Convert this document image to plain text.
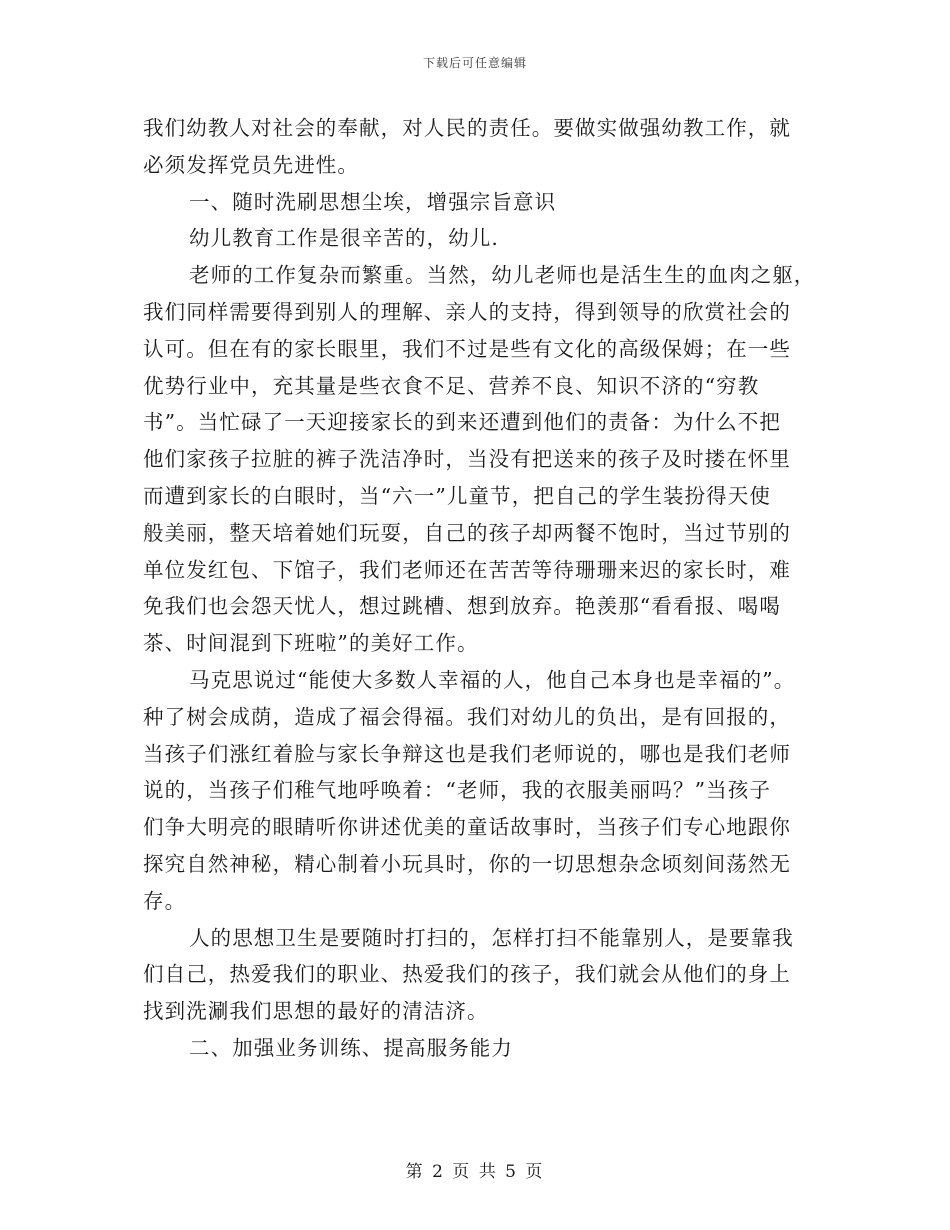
下载后可任意编辑
我们幼教人对社会的奉献，对人民的责任。要做实做强幼教工作，就
必须发挥党员先进性。
一、随时洗刷思想尘埃，增强宗旨意识
幼儿教育工作是很辛苦的，幼儿.
老师的工作复杂而繁重。当然，幼儿老师也是活生生的血肉之躯，
我们同样需要得到别人的理解、亲人的支持，得到领导的欣赏社会的
认可。但在有的家长眼里，我们不过是些有文化的高级保姆；在一些
优势行业中，充其量是些衣食不足、营养不良、知识不济的“穷教
书”。当忙碌了一天迎接家长的到来还遭到他们的责备：为什么不把
他们家孩子拉脏的裤子洗洁净时，当没有把送来的孩子及时搂在怀里
而遭到家长的白眼时，当“六一”儿童节，把自己的学生装扮得天使
般美丽，整天培着她们玩耍，自己的孩子却两餐不饱时，当过节别的
单位发红包、下馆子，我们老师还在苦苦等待珊珊来迟的家长时，难
免我们也会怨天忧人，想过跳槽、想到放弃。艳羡那“看看报、喝喝
茶、时间混到下班啦”的美好工作。
马克思说过“能使大多数人幸福的人，他自己本身也是幸福的”。
种了树会成荫，造成了福会得福。我们对幼儿的负出，是有回报的，
当孩子们涨红着脸与家长争辩这也是我们老师说的，哪也是我们老师
说的，当孩子们稚气地呼唤着：“老师，我的衣服美丽吗？”当孩子
们争大明亮的眼睛听你讲述优美的童话故事时，当孩子们专心地跟你
探究自然神秘，精心制着小玩具时，你的一切思想杂念顷刻间荡然无
存。
人的思想卫生是要随时打扫的，怎样打扫不能靠别人，是要靠我
们自己，热爱我们的职业、热爱我们的孩子，我们就会从他们的身上
找到洗涮我们思想的最好的清洁济。
二、加强业务训练、提高服务能力
第 2 页 共 5 页
